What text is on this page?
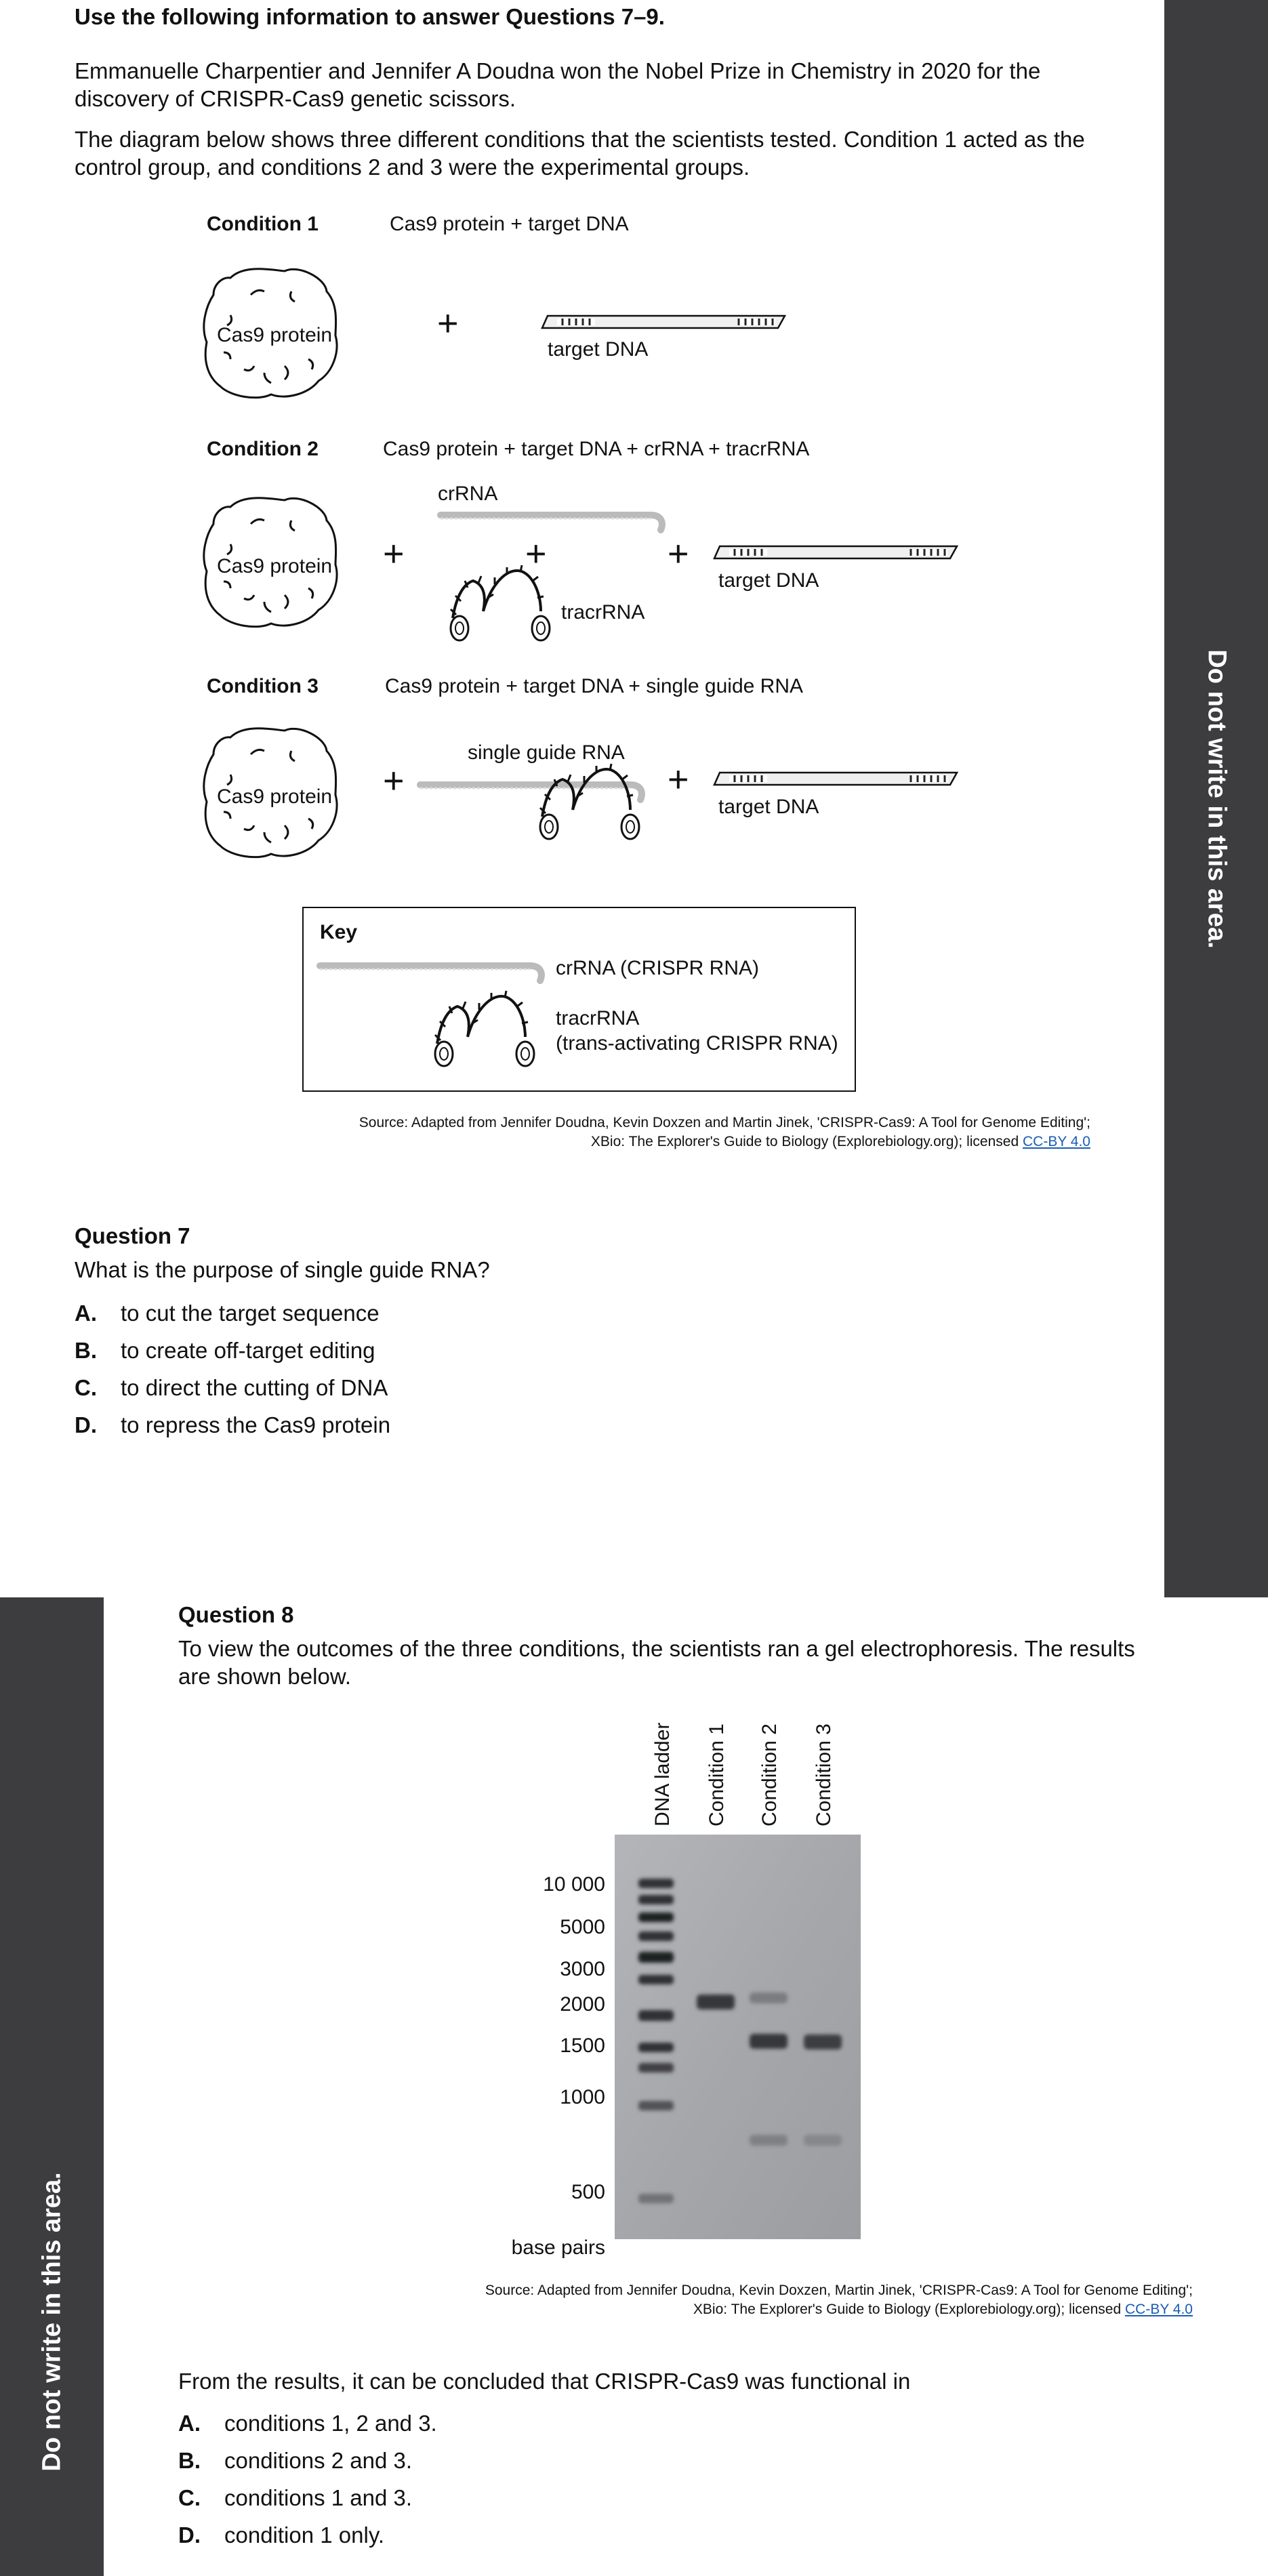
Do not write in this area.
Do not write in this area.
Use the following information to answer Questions 7–9.
Emmanuelle Charpentier and Jennifer A Doudna won the Nobel Prize in Chemistry in 2020 for the discovery of CRISPR-Cas9 genetic scissors.
The diagram below shows three different conditions that the scientists tested. Condition 1 acted as the control group, and conditions 2 and 3 were the experimental groups.
Condition 1	Cas9 protein + target DNA
Cas9 protein	+
target DNA
Condition 2	Cas9 protein + target DNA + crRNA + tracrRNA
Cas9 protein +
crRNA
+
tracrRNA
+
target DNA
Condition 3	Cas9 protein + target DNA + single guide RNA
Cas9 protein +
single guide RNA
+
target DNA
Key
crRNA (CRISPR RNA)
tracrRNA
(trans-activating CRISPR RNA)
Source: Adapted from Jennifer Doudna, Kevin Doxzen and Martin Jinek, 'CRISPR-Cas9: A Tool for Genome Editing';
XBio: The Explorer's Guide to Biology (Explorebiology.org); licensed CC-BY 4.0
Question 7
What is the purpose of single guide RNA?
A. to cut the target sequence
B. to create off-target editing
C. to direct the cutting of DNA
D. to repress the Cas9 protein
Question 8
To view the outcomes of the three conditions, the scientists ran a gel electrophoresis. The results are shown below.
DNA ladder Condition 1 Condition 2 Condition 3
10 000
5000
3000
2000
1500
1000
500
base pairs
Source: Adapted from Jennifer Doudna, Kevin Doxzen, Martin Jinek, 'CRISPR-Cas9: A Tool for Genome Editing';
XBio: The Explorer's Guide to Biology (Explorebiology.org); licensed CC-BY 4.0
From the results, it can be concluded that CRISPR-Cas9 was functional in
A. conditions 1, 2 and 3.
B. conditions 2 and 3.
C. conditions 1 and 3.
D. condition 1 only.
